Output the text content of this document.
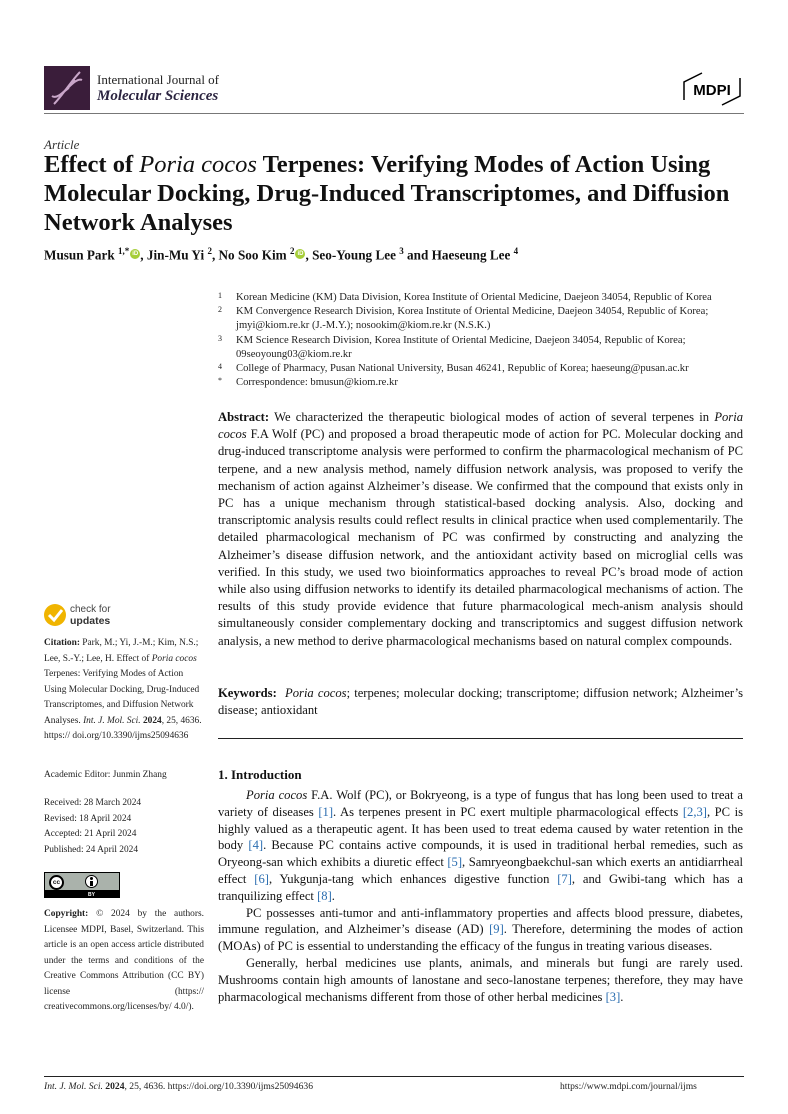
International Journal of
Molecular Sciences	MDPI
Article
Effect of Poria cocos Terpenes: Verifying Modes of Action Using Molecular Docking, Drug-Induced Transcriptomes, and Diffusion Network Analyses
Musun Park $^{1,*}$ iD , Jin-Mu Yi $^2$, No Soo Kim $^2$ iD , Seo-Young Lee $^3$ and Haeseung Lee $^4$
1 Korean Medicine (KM) Data Division, Korea Institute of Oriental Medicine, Daejeon 34054, Republic of Korea
2 KM Convergence Research Division, Korea Institute of Oriental Medicine, Daejeon 34054, Republic of Korea; jmyi@kiom.re.kr (J.-M.Y.); nosookim@kiom.re.kr (N.S.K.)
3 KM Science Research Division, Korea Institute of Oriental Medicine, Daejeon 34054, Republic of Korea; 09seoyoung03@kiom.re.kr
4 College of Pharmacy, Pusan National University, Busan 46241, Republic of Korea; haeseung@pusan.ac.kr
* Correspondence: bmusun@kiom.re.kr
Abstract: We characterized the therapeutic biological modes of action of several terpenes in Poria cocos F.A Wolf (PC) and proposed a broad therapeutic mode of action for PC. Molecular docking and drug-induced transcriptome analysis were performed to confirm the pharmacological mechanism of PC terpene, and a new analysis method, namely diffusion network analysis, was proposed to verify the mechanism of action against Alzheimer’s disease. We confirmed that the compound that exists only in PC has a unique mechanism through statistical-based docking analysis. Also, docking and transcriptomic analysis results could reflect results in clinical practice when used complementarily. The detailed pharmacological mechanism of PC was confirmed by constructing and analyzing the Alzheimer’s disease diffusion network, and the antioxidant activity based on microglial cells was verified. In this study, we used two bioinformatics approaches to reveal PC’s broad mode of action while also using diffusion networks to identify its detailed pharmacological mechanisms of action. The results of this study provide evidence that future pharmacological mech-anism analysis should simultaneously consider complementary docking and transcriptomics and suggest diffusion network analysis, a new method to derive pharmacological mechanisms based on natural complex compounds.
Keywords: Poria cocos; terpenes; molecular docking; transcriptome; diffusion network; Alzheimer’s disease; antioxidant
1. Introduction

Poria cocos F.A. Wolf (PC), or Bokryeong, is a type of fungus that has long been used to treat a variety of diseases [1]. As terpenes present in PC exert multiple pharmacological effects [2,3], PC is highly valued as a therapeutic agent. It has been used to treat edema caused by water retention in the body [4]. Because PC contains active compounds, it is used in traditional herbal remedies, such as Oryeong-san which exhibits a diuretic effect [5], Samryeongbaekchul-san which exerts an antidiarrheal effect [6], Yukgunja-tang which enhances digestive function [7], and Gwibi-tang which has a tranquilizing effect [8].

PC possesses anti-tumor and anti-inflammatory properties and affects blood pressure, diabetes, immune regulation, and Alzheimer’s disease (AD) [9]. Therefore, determining the modes of action (MOAs) of PC is essential to understanding the efficacy of the fungus in treating various diseases.

Generally, herbal medicines use plants, animals, and minerals but fungi are rarely used. Mushrooms contain high amounts of lanostane and seco-lanostane terpenes; therefore, they may have pharmacological mechanisms different from those of other herbal medicines [3].

check for
updates
Citation: Park, M.; Yi, J.-M.; Kim, N.S.; Lee, S.-Y.; Lee, H. Effect of Poria cocos Terpenes: Verifying Modes of Action Using Molecular Docking, Drug-Induced Transcriptomes, and Diffusion Network Analyses. Int. J. Mol. Sci. 2024, 25, 4636. https:// doi.org/10.3390/ijms25094636
Academic Editor: Junmin Zhang
Received: 28 March 2024
Revised: 18 April 2024
Accepted: 21 April 2024
Published: 24 April 2024
cc
BY
Copyright: © 2024 by the authors. Licensee MDPI, Basel, Switzerland. This article is an open access article distributed under the terms and conditions of the Creative Commons Attribution (CC BY) license (https:// creativecommons.org/licenses/by/ 4.0/).
Int. J. Mol. Sci. 2024, 25, 4636. https://doi.org/10.3390/ijms25094636	https://www.mdpi.com/journal/ijms
